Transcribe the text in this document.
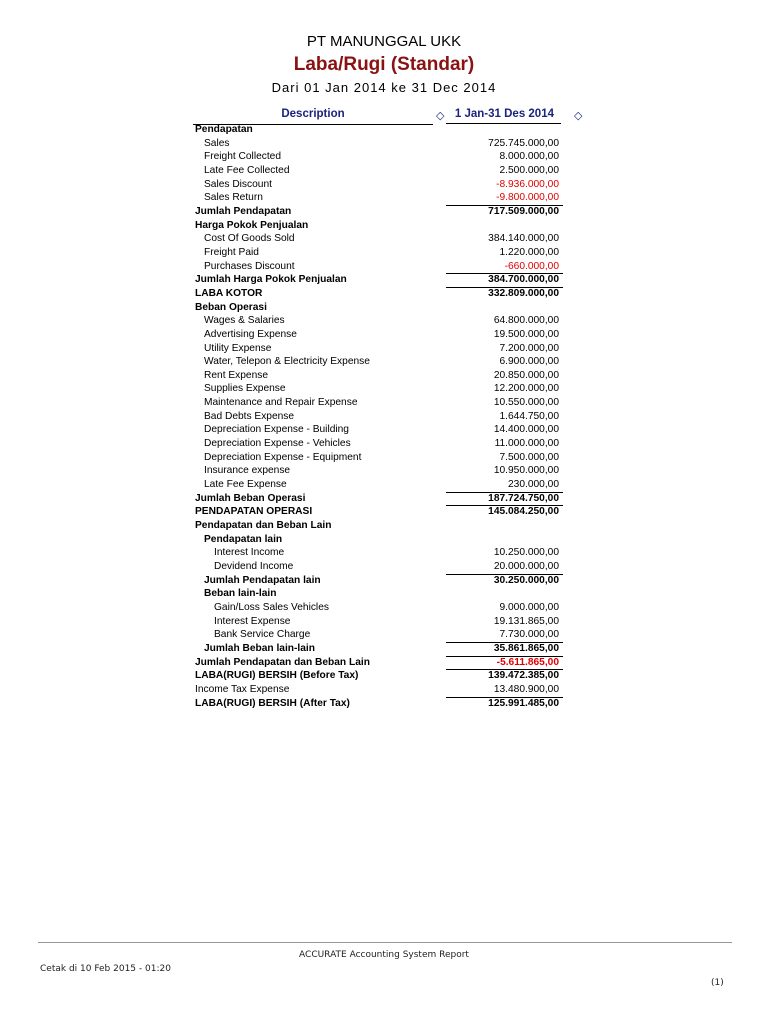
PT MANUNGGAL UKK
Laba/Rugi (Standar)
Dari 01 Jan 2014 ke 31 Dec 2014
Description	◇ 1 Jan-31 Des 2014	◇
Pendapatan
Sales	725.745.000,00
Freight Collected	8.000.000,00
Late Fee Collected	2.500.000,00
Sales Discount	-8.936.000,00
Sales Return	-9.800.000,00
Jumlah Pendapatan	717.509.000,00
Harga Pokok Penjualan
Cost Of Goods Sold	384.140.000,00
Freight Paid	1.220.000,00
Purchases Discount	-660.000,00
Jumlah Harga Pokok Penjualan	384.700.000,00
LABA KOTOR	332.809.000,00
Beban Operasi
Wages & Salaries	64.800.000,00
Advertising Expense	19.500.000,00
Utility Expense	7.200.000,00
Water, Telepon & Electricity Expense	6.900.000,00
Rent Expense	20.850.000,00
Supplies Expense	12.200.000,00
Maintenance and Repair Expense	10.550.000,00
Bad Debts Expense	1.644.750,00
Depreciation Expense - Building	14.400.000,00
Depreciation Expense - Vehicles	11.000.000,00
Depreciation Expense - Equipment	7.500.000,00
Insurance expense	10.950.000,00
Late Fee Expense	230.000,00
Jumlah Beban Operasi	187.724.750,00
PENDAPATAN OPERASI	145.084.250,00
Pendapatan dan Beban Lain
Pendapatan lain
Interest Income	10.250.000,00
Devidend Income	20.000.000,00
Jumlah Pendapatan lain	30.250.000,00
Beban lain-lain
Gain/Loss Sales Vehicles	9.000.000,00
Interest Expense	19.131.865,00
Bank Service Charge	7.730.000,00
Jumlah Beban lain-lain	35.861.865,00
Jumlah Pendapatan dan Beban Lain	-5.611.865,00
LABA(RUGI) BERSIH (Before Tax)	139.472.385,00
Income Tax Expense	13.480.900,00
LABA(RUGI) BERSIH (After Tax)	125.991.485,00
ACCURATE Accounting System Report
Cetak di 10 Feb 2015 - 01:20
(1)
